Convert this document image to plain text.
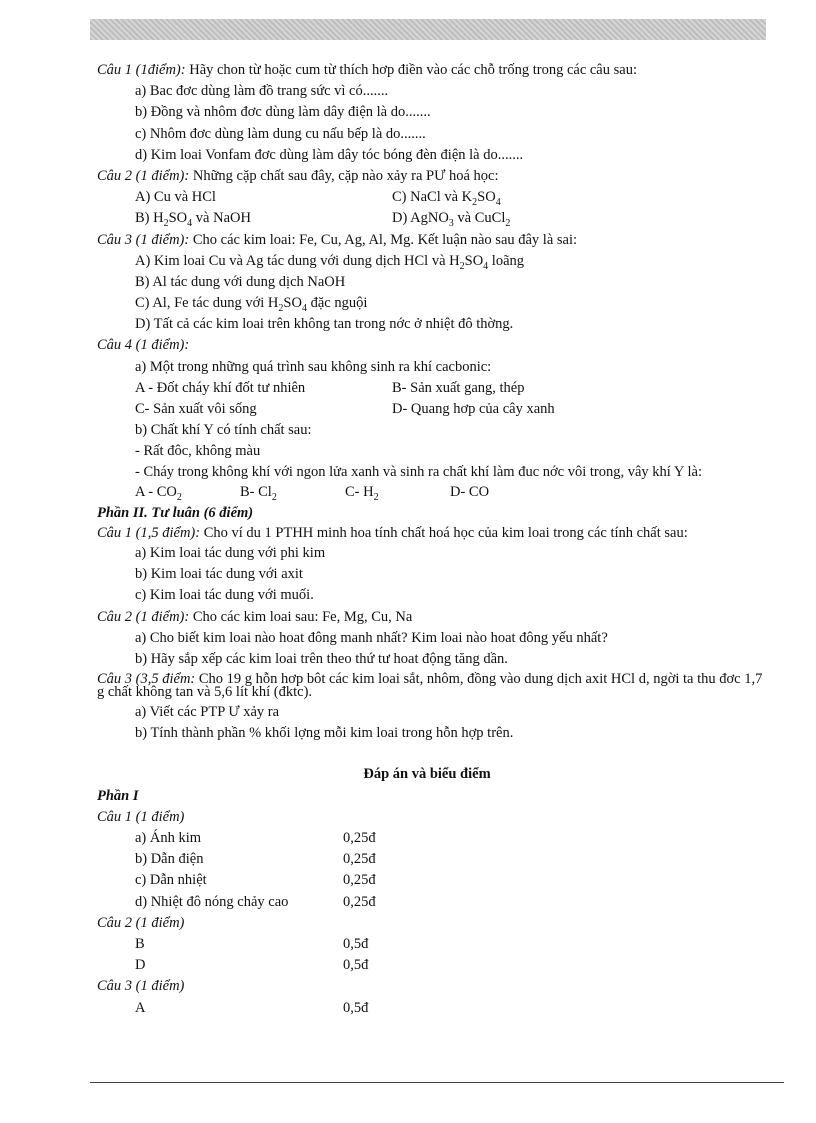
Câu 1 (1điểm): Hãy chon từ hoặc cum từ thích hơp điền vào các chỗ trống trong các câu sau:
a) Bac đơc dùng làm đồ trang sức vì có.......
b) Đồng và nhôm đơc dùng làm dây điện là do.......
c) Nhôm đơc dùng làm dung cu nấu bếp là do.......
d) Kim loai Vonfam đơc dùng làm dây tóc bóng đèn điện là do.......
Câu 2 (1 điểm): Những cặp chất sau đây, cặp nào xảy ra PƯ hoá học:
A) Cu và HCl	C) NaCl và $K_2SO_4$
B) $H_2SO_4$ và NaOH	D) AgNO$_3$ và CuCl$_2$
Câu 3 (1 điểm): Cho các kim loai: Fe, Cu, Ag, Al, Mg. Kết luận nào sau đây là sai:
A) Kim loai Cu và Ag tác dung với dung dịch HCl và $H_2SO_4$ loãng
B) Al tác dung với dung dịch NaOH
C) Al, Fe tác dung với $H_2SO_4$ đặc nguội
D) Tất cả các kim loai trên không tan trong nớc ở nhiệt đô thờng.
Câu 4 (1 điểm):
a) Một trong những quá trình sau không sinh ra khí cacbonic:
A - Đốt cháy khí đốt tư nhiên	B- Sản xuất gang, thép
C- Sản xuất vôi sống	D- Quang hơp của cây xanh
b) Chất khí Y có tính chất sau:
- Rất đôc, không màu
- Cháy trong không khí với ngon lửa xanh và sinh ra chất khí làm đuc nớc vôi trong, vây khí Y là:
A - $CO_2$	B- $Cl_2$	C- $H_2$	D- CO
Phần II. Tư luân (6 điểm)
Câu 1 (1,5 điểm): Cho ví du 1 PTHH minh hoa tính chất hoá học của kim loai trong các tính chất sau:
a) Kim loai tác dung với phi kim
b) Kim loai tác dung với axit
c) Kim loai tác dung với muối.
Câu 2 (1 điểm): Cho các kim loai sau: Fe, Mg, Cu, Na
a) Cho biết kim loai nào hoat đông manh nhất? Kim loai nào hoat đông yếu nhất?
b) Hãy sắp xếp các kim loai trên theo thứ tư hoat động tăng dần.
Câu 3 (3,5 điểm: Cho 19 g hỗn hơp bôt các kim loai sắt, nhôm, đồng vào dung dịch axit HCl d, ngời ta thu đơc 1,7 g chất không tan và 5,6 lít khí (đktc).
a) Viết các PTP Ư xảy ra
b) Tính thành phần % khối lợng mỗi kim loai trong hỗn hợp trên.
Đáp án và biểu điểm
Phần I
Câu 1 (1 điểm)
a) Ánh kim	0,25đ
b) Dẫn điện	0,25đ
c) Dẫn nhiệt	0,25đ
d) Nhiệt đô nóng chảy cao	0,25đ
Câu 2 (1 điểm)
B	0,5đ
D	0,5đ
Câu 3 (1 điểm)
A	0,5đ
